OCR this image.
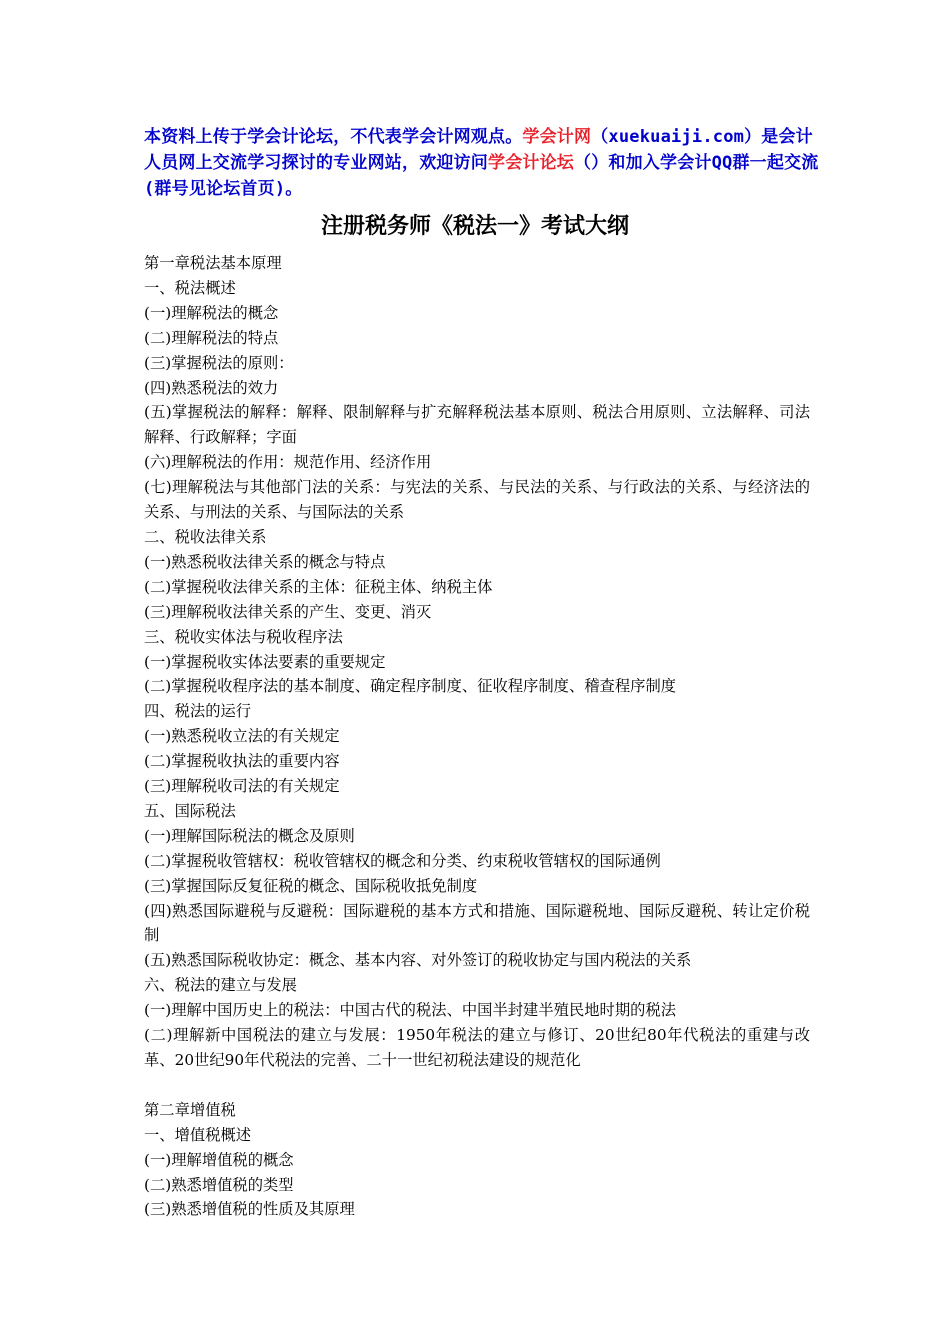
本资料上传于学会计论坛，不代表学会计网观点。学会计网（xuekuaiji.com）是会计人员网上交流学习探讨的专业网站，欢迎访问学会计论坛（）和加入学会计QQ群一起交流(群号见论坛首页)。
注册税务师《税法一》考试大纲
第一章税法基本原理
一、税法概述
(一)理解税法的概念
(二)理解税法的特点
(三)掌握税法的原则：
(四)熟悉税法的效力
(五)掌握税法的解释：解释、限制解释与扩充解释税法基本原则、税法合用原则、立法解释、司法解释、行政解释；字面
(六)理解税法的作用：规范作用、经济作用
(七)理解税法与其他部门法的关系：与宪法的关系、与民法的关系、与行政法的关系、与经济法的关系、与刑法的关系、与国际法的关系
二、税收法律关系
(一)熟悉税收法律关系的概念与特点
(二)掌握税收法律关系的主体：征税主体、纳税主体
(三)理解税收法律关系的产生、变更、消灭
三、税收实体法与税收程序法
(一)掌握税收实体法要素的重要规定
(二)掌握税收程序法的基本制度、确定程序制度、征收程序制度、稽查程序制度
四、税法的运行
(一)熟悉税收立法的有关规定
(二)掌握税收执法的重要内容
(三)理解税收司法的有关规定
五、国际税法
(一)理解国际税法的概念及原则
(二)掌握税收管辖权：税收管辖权的概念和分类、约束税收管辖权的国际通例
(三)掌握国际反复征税的概念、国际税收抵免制度
(四)熟悉国际避税与反避税：国际避税的基本方式和措施、国际避税地、国际反避税、转让定价税制
(五)熟悉国际税收协定：概念、基本内容、对外签订的税收协定与国内税法的关系
六、税法的建立与发展
(一)理解中国历史上的税法：中国古代的税法、中国半封建半殖民地时期的税法
(二)理解新中国税法的建立与发展：1950年税法的建立与修订、20世纪80年代税法的重建与改革、20世纪90年代税法的完善、二十一世纪初税法建设的规范化
第二章增值税
一、增值税概述
(一)理解增值税的概念
(二)熟悉增值税的类型
(三)熟悉增值税的性质及其原理
